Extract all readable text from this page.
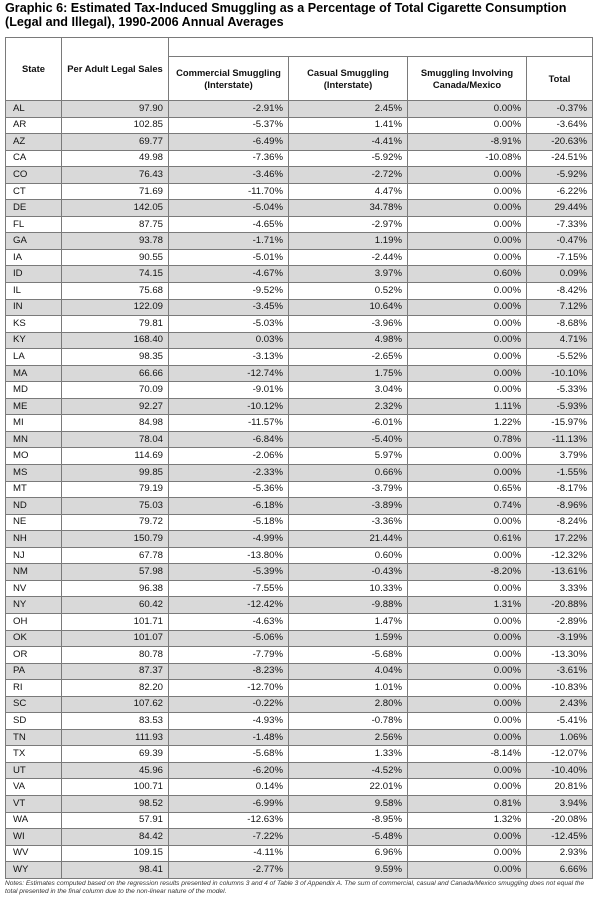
Graphic 6: Estimated Tax-Induced Smuggling as a Percentage of Total Cigarette Consumption (Legal and Illegal), 1990-2006 Annual Averages
State	Per Adult Legal Sales				
		Commercial Smuggling (Interstate)	Casual Smuggling (Interstate)	Smuggling Involving Canada/Mexico	Total
AL	97.90	-2.91%	2.45%	0.00%	-0.37%
AR	102.85	-5.37%	1.41%	0.00%	-3.64%
AZ	69.77	-6.49%	-4.41%	-8.91%	-20.63%
CA	49.98	-7.36%	-5.92%	-10.08%	-24.51%
CO	76.43	-3.46%	-2.72%	0.00%	-5.92%
CT	71.69	-11.70%	4.47%	0.00%	-6.22%
DE	142.05	-5.04%	34.78%	0.00%	29.44%
FL	87.75	-4.65%	-2.97%	0.00%	-7.33%
GA	93.78	-1.71%	1.19%	0.00%	-0.47%
IA	90.55	-5.01%	-2.44%	0.00%	-7.15%
ID	74.15	-4.67%	3.97%	0.60%	0.09%
IL	75.68	-9.52%	0.52%	0.00%	-8.42%
IN	122.09	-3.45%	10.64%	0.00%	7.12%
KS	79.81	-5.03%	-3.96%	0.00%	-8.68%
KY	168.40	0.03%	4.98%	0.00%	4.71%
LA	98.35	-3.13%	-2.65%	0.00%	-5.52%
MA	66.66	-12.74%	1.75%	0.00%	-10.10%
MD	70.09	-9.01%	3.04%	0.00%	-5.33%
ME	92.27	-10.12%	2.32%	1.11%	-5.93%
MI	84.98	-11.57%	-6.01%	1.22%	-15.97%
MN	78.04	-6.84%	-5.40%	0.78%	-11.13%
MO	114.69	-2.06%	5.97%	0.00%	3.79%
MS	99.85	-2.33%	0.66%	0.00%	-1.55%
MT	79.19	-5.36%	-3.79%	0.65%	-8.17%
ND	75.03	-6.18%	-3.89%	0.74%	-8.96%
NE	79.72	-5.18%	-3.36%	0.00%	-8.24%
NH	150.79	-4.99%	21.44%	0.61%	17.22%
NJ	67.78	-13.80%	0.60%	0.00%	-12.32%
NM	57.98	-5.39%	-0.43%	-8.20%	-13.61%
NV	96.38	-7.55%	10.33%	0.00%	3.33%
NY	60.42	-12.42%	-9.88%	1.31%	-20.88%
OH	101.71	-4.63%	1.47%	0.00%	-2.89%
OK	101.07	-5.06%	1.59%	0.00%	-3.19%
OR	80.78	-7.79%	-5.68%	0.00%	-13.30%
PA	87.37	-8.23%	4.04%	0.00%	-3.61%
RI	82.20	-12.70%	1.01%	0.00%	-10.83%
SC	107.62	-0.22%	2.80%	0.00%	2.43%
SD	83.53	-4.93%	-0.78%	0.00%	-5.41%
TN	111.93	-1.48%	2.56%	0.00%	1.06%
TX	69.39	-5.68%	1.33%	-8.14%	-12.07%
UT	45.96	-6.20%	-4.52%	0.00%	-10.40%
VA	100.71	0.14%	22.01%	0.00%	20.81%
VT	98.52	-6.99%	9.58%	0.81%	3.94%
WA	57.91	-12.63%	-8.95%	1.32%	-20.08%
WI	84.42	-7.22%	-5.48%	0.00%	-12.45%
WV	109.15	-4.11%	6.96%	0.00%	2.93%
WY	98.41	-2.77%	9.59%	0.00%	6.66%
Notes: Estimates computed based on the regression results presented in columns 3 and 4 of Table 3 of Appendix A. The sum of commercial, casual and Canada/Mexico smuggling does not equal the total presented in the final column due to the non-linear nature of the model.
